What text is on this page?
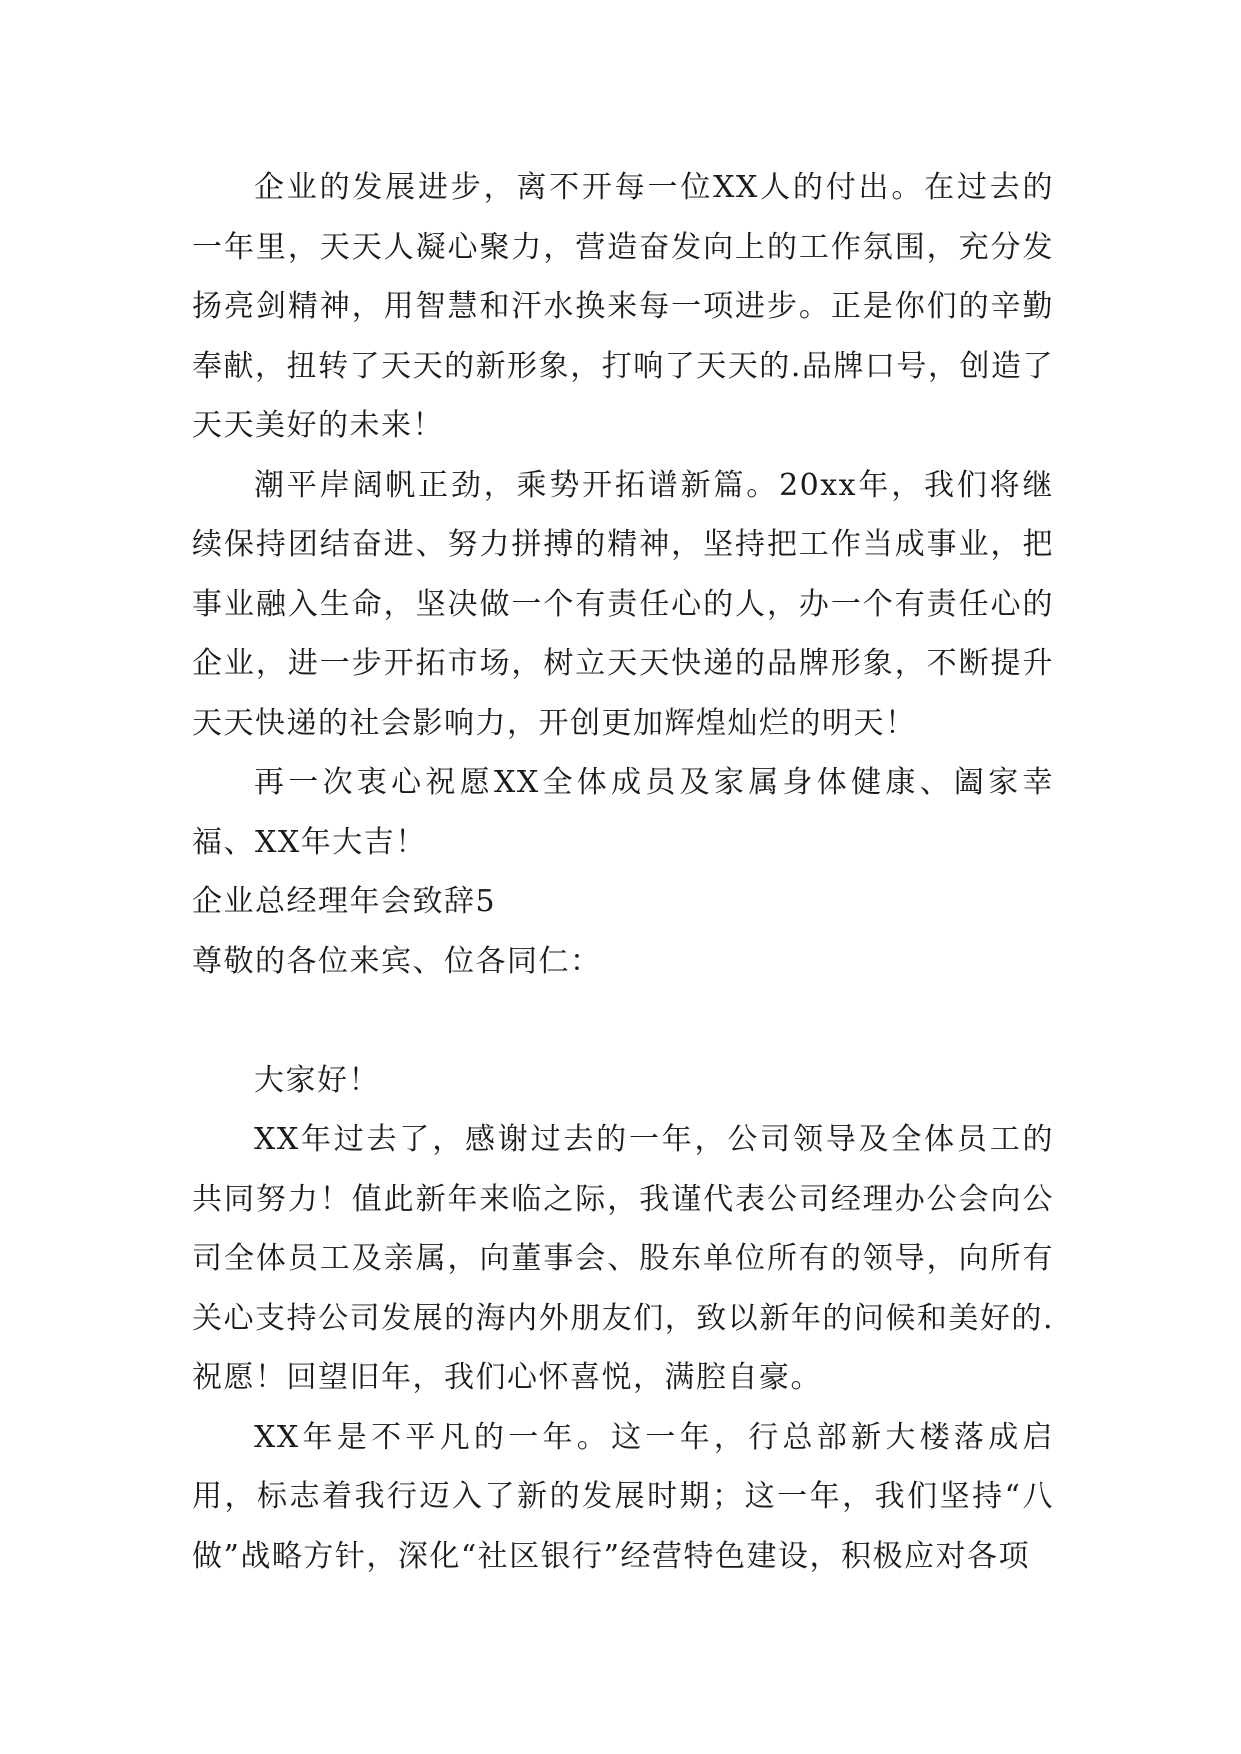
企业的发展进步，离不开每一位XX人的付出。在过去的一年里，天天人凝心聚力，营造奋发向上的工作氛围，充分发扬亮剑精神，用智慧和汗水换来每一项进步。正是你们的辛勤奉献，扭转了天天的新形象，打响了天天的.品牌口号，创造了天天美好的未来！

潮平岸阔帆正劲，乘势开拓谱新篇。20xx年，我们将继续保持团结奋进、努力拼搏的精神，坚持把工作当成事业，把事业融入生命，坚决做一个有责任心的人，办一个有责任心的企业，进一步开拓市场，树立天天快递的品牌形象，不断提升天天快递的社会影响力，开创更加辉煌灿烂的明天！

再一次衷心祝愿XX全体成员及家属身体健康、阖家幸福、XX年大吉！

企业总经理年会致辞5

尊敬的各位来宾、位各同仁：

大家好！

XX年过去了，感谢过去的一年，公司领导及全体员工的共同努力！值此新年来临之际，我谨代表公司经理办公会向公司全体员工及亲属，向董事会、股东单位所有的领导，向所有关心支持公司发展的海内外朋友们，致以新年的问候和美好的.祝愿！回望旧年，我们心怀喜悦，满腔自豪。

XX年是不平凡的一年。这一年，行总部新大楼落成启用，标志着我行迈入了新的发展时期；这一年，我们坚持“八做”战略方针，深化“社区银行”经营特色建设，积极应对各项
